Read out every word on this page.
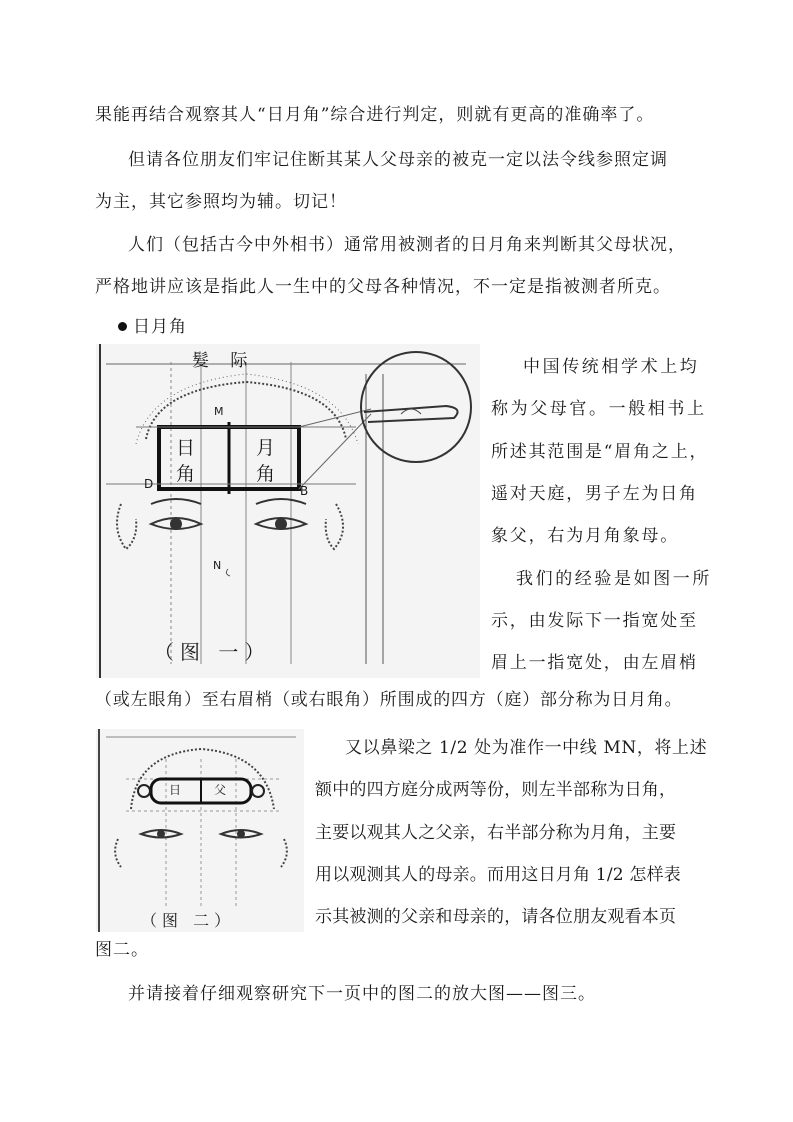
果能再结合观察其人“日月角”综合进行判定，则就有更高的准确率了。
但请各位朋友们牢记住断其某人父母亲的被克一定以法令线参照定调
为主，其它参照均为辅。切记！
人们（包括古今中外相书）通常用被测者的日月角来判断其父母状况，
严格地讲应该是指此人一生中的父母各种情况，不一定是指被测者所克。
日月角
髮 际
M
N
D	B
日
角
月
角
（图 一）
中国传统相学术上均
称为父母官。一般相书上
所述其范围是“眉角之上，
遥对天庭，男子左为日角
象父，右为月角象母。
我们的经验是如图一所
示，由发际下一指宽处至
眉上一指宽处，由左眉梢
（或左眼角）至右眉梢（或右眼角）所围成的四方（庭）部分称为日月角。
日	父
（图 二）
又以鼻梁之 1/2 处为准作一中线 MN，将上述
额中的四方庭分成两等份，则左半部称为日角，
主要以观其人之父亲，右半部分称为月角，主要
用以观测其人的母亲。而用这日月角 1/2 怎样表
示其被测的父亲和母亲的，请各位朋友观看本页
图二。
并请接着仔细观察研究下一页中的图二的放大图——图三。
